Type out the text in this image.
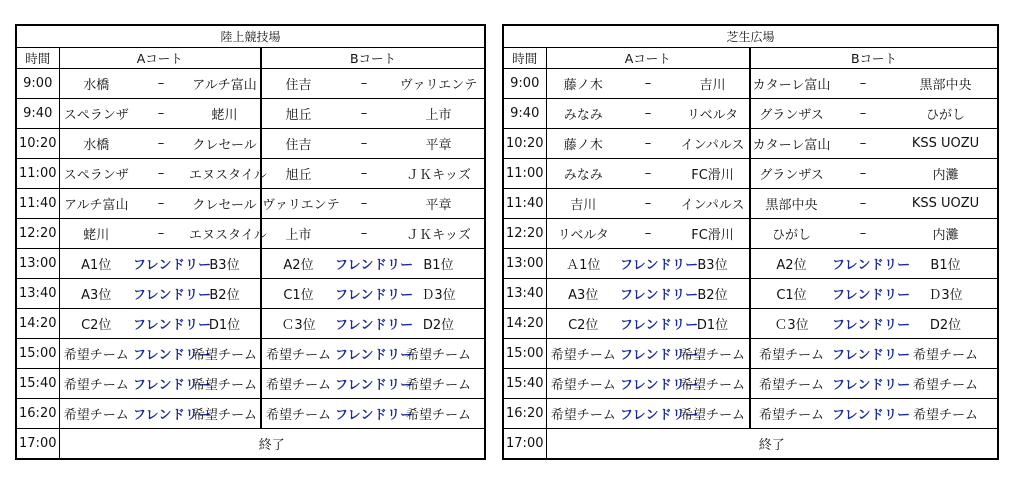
陸上競技場						
時間	Aコート			Bコート		
9:00	水橋	–	アルチ富山	住吉	–	ヴァリエンテ
9:40	スペランザ	–	蛯川	旭丘	–	上市
10:20	水橋	–	クレセール	住吉	–	平章
11:00	スペランザ	–	エヌスタイル	旭丘	–	ＪＫキッズ
11:40	アルチ富山	–	クレセール	ヴァリエンテ	–	平章
12:20	蛯川	–	エヌスタイル	上市	–	ＪＫキッズ
13:00	A1位	フレンドリー	B3位	A2位	フレンドリー	B1位
13:40	A3位	フレンドリー	B2位	C1位	フレンドリー	Ｄ3位
14:20	C2位	フレンドリー	D1位	Ｃ3位	フレンドリー	D2位
15:00	希望チーム	フレンドリー	希望チーム	希望チーム	フレンドリー	希望チーム
15:40	希望チーム	フレンドリー	希望チーム	希望チーム	フレンドリー	希望チーム
16:20	希望チーム	フレンドリー	希望チーム	希望チーム	フレンドリー	希望チーム
17:00	終了					
芝生広場						
時間	Aコート			Bコート		
9:00	藤ノ木	–	吉川	カターレ富山	–	黒部中央
9:40	みなみ	–	リベルタ	グランザス	–	ひがし
10:20	藤ノ木	–	インパルス	カターレ富山	–	KSS UOZU
11:00	みなみ	–	FC滑川	グランザス	–	内灘
11:40	吉川	–	インパルス	黒部中央	–	KSS UOZU
12:20	リベルタ	–	FC滑川	ひがし	–	内灘
13:00	Ａ1位	フレンドリー	B3位	A2位	フレンドリー	B1位
13:40	A3位	フレンドリー	B2位	C1位	フレンドリー	Ｄ3位
14:20	C2位	フレンドリー	D1位	Ｃ3位	フレンドリー	D2位
15:00	希望チーム	フレンドリー	希望チーム	希望チーム	フレンドリー	希望チーム
15:40	希望チーム	フレンドリー	希望チーム	希望チーム	フレンドリー	希望チーム
16:20	希望チーム	フレンドリー	希望チーム	希望チーム	フレンドリー	希望チーム
17:00	終了					
